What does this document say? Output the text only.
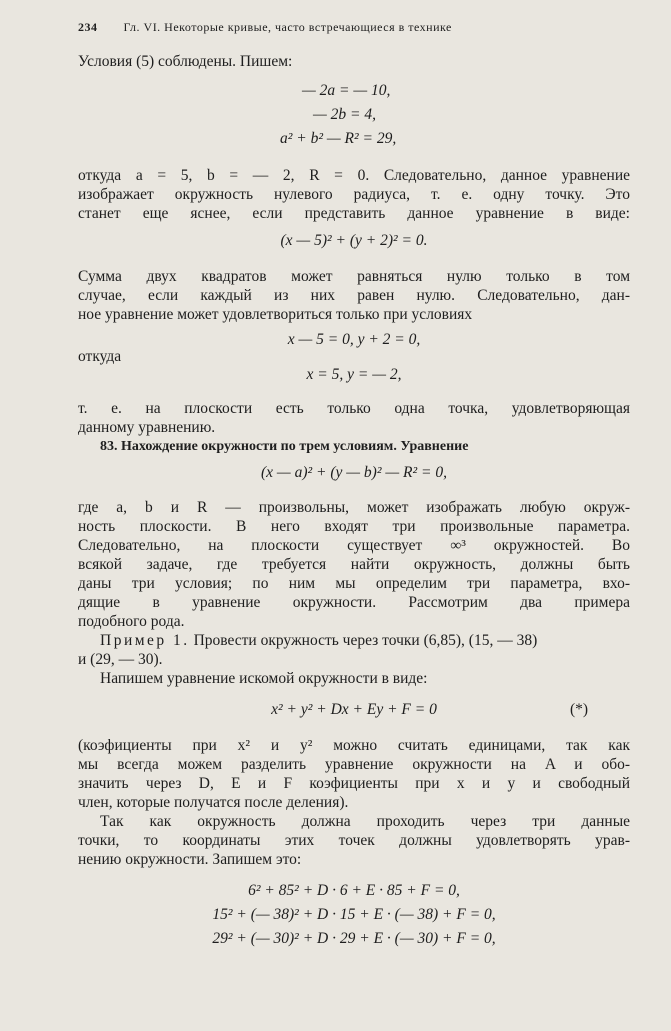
234 Гл. VI. Некоторые кривые, часто встречающиеся в технике
Условия (5) соблюдены. Пишем:
— 2a = — 10,
— 2b = 4,
a² + b² — R² = 29,
откуда a = 5, b = — 2, R = 0. Следовательно, данное уравнение
изображает окружность нулевого радиуса, т. е. одну точку. Это
станет еще яснее, если представить данное уравнение в виде:
(x — 5)² + (y + 2)² = 0.
Сумма двух квадратов может равняться нулю только в том
случае, если каждый из них равен нулю. Следовательно, дан-
ное уравнение может удовлетвориться только при условиях
x — 5 = 0, y + 2 = 0,
откуда
x = 5, y = — 2,
т. е. на плоскости есть только одна точка, удовлетворяющая
данному уравнению.
83. Нахождение окружности по трем условиям. Уравнение
(x — a)² + (y — b)² — R² = 0,
где a, b и R — произвольны, может изображать любую окруж-
ность плоскости. В него входят три произвольные параметра.
Следовательно, на плоскости существует ∞³ окружностей. Во
всякой задаче, где требуется найти окружность, должны быть
даны три условия; по ним мы определим три параметра, вхо-
дящие в уравнение окружности. Рассмотрим два примера
подобного рода.
Пример 1. Провести окружность через точки (6,85), (15, — 38)
и (29, — 30).
Напишем уравнение искомой окружности в виде:
x² + y² + Dx + Ey + F = 0	(*)
(коэфициенты при x² и y² можно считать единицами, так как
мы всегда можем разделить уравнение окружности на A и обо-
значить через D, E и F коэфициенты при x и y и свободный
член, которые получатся после деления).
Так как окружность должна проходить через три данные
точки, то координаты этих точек должны удовлетворять урав-
нению окружности. Запишем это:
6² + 85² + D · 6 + E · 85 + F = 0,
15² + (— 38)² + D · 15 + E · (— 38) + F = 0,
29² + (— 30)² + D · 29 + E · (— 30) + F = 0,
